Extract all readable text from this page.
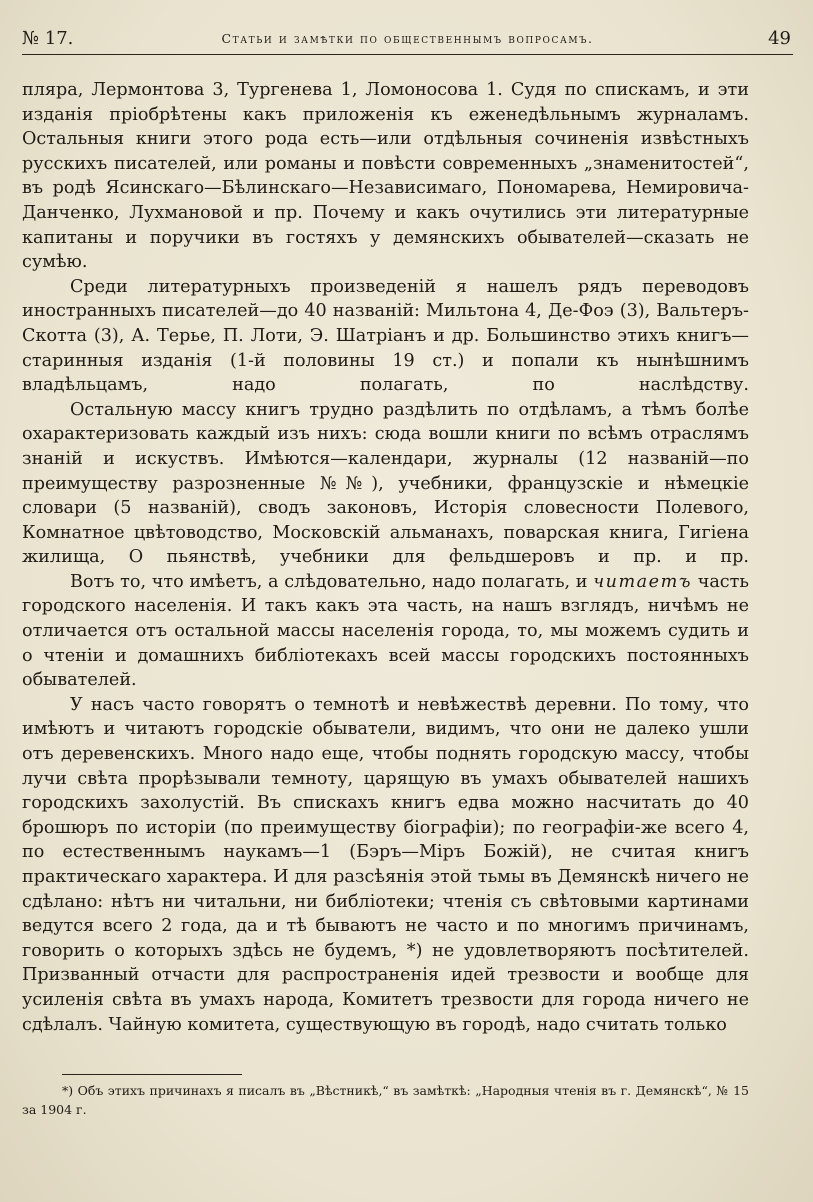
№ 17.	Статьи и замѣтки по общественнымъ вопросамъ.	49

пляра, Лермонтова 3, Тургенева 1, Ломоносова 1. Судя по спискамъ, и эти изданія пріобрѣтены какъ приложенія къ еженедѣльнымъ журналамъ. Остальныя книги этого рода есть—или отдѣльныя сочиненія извѣстныхъ русскихъ писателей, или романы и повѣсти современныхъ „знаменитостей“, въ родѣ Ясинскаго—Бѣлинскаго—Независимаго, Пономарева, Немировича-Данченко, Лухмановой и пр. Почему и какъ очутились эти литературные капитаны и поручики въ гостяхъ у демянскихъ обывателей—сказать не сумѣю.

Среди литературныхъ произведеній я нашелъ рядъ переводовъ иностранныхъ писателей—до 40 названій: Мильтона 4, Де-Фоэ (3), Вальтеръ-Скотта (3), А. Терье, П. Лоти, Э. Шатріанъ и др. Большинство этихъ книгъ—старинныя изданія (1-й половины 19 ст.) и попали къ нынѣшнимъ владѣльцамъ, надо полагать, по наслѣдству.

Остальную массу книгъ трудно раздѣлить по отдѣламъ, а тѣмъ болѣе охарактеризовать каждый изъ нихъ: сюда вошли книги по всѣмъ отраслямъ знаній и искуствъ. Имѣются—календари, журналы (12 названій—по преимуществу разрозненные №№), учебники, французскіе и нѣмецкіе словари (5 названій), сводъ законовъ, Исторія словесности Полевого, Комнатное цвѣтоводство, Московскій альманахъ, поварская книга, Гигіена жилища, О пьянствѣ, учебники для фельдшеровъ и пр. и пр.

Вотъ то, что имѣетъ, а слѣдовательно, надо полагать, и читаетъ часть городского населенія. И такъ какъ эта часть, на нашъ взглядъ, ничѣмъ не отличается отъ остальной массы населенія города, то, мы можемъ судить и о чтеніи и домашнихъ библіотекахъ всей массы городскихъ постоянныхъ обывателей.

У насъ часто говорятъ о темнотѣ и невѣжествѣ деревни. По тому, что имѣютъ и читаютъ городскіе обыватели, видимъ, что они не далеко ушли отъ деревенскихъ. Много надо еще, чтобы поднять городскую массу, чтобы лучи свѣта прорѣзывали темноту, царящую въ умахъ обывателей нашихъ городскихъ захолустій. Въ спискахъ книгъ едва можно насчитать до 40 брошюръ по исторіи (по преимуществу біографіи); по географіи-же всего 4, по естественнымъ наукамъ—1 (Бэръ—Міръ Божій), не считая книгъ практическаго характера. И для разсѣянія этой тьмы въ Демянскѣ ничего не сдѣлано: нѣтъ ни читальни, ни библіотеки; чтенія съ свѣтовыми картинами ведутся всего 2 года, да и тѣ бываютъ не часто и по многимъ причинамъ, говорить о которыхъ здѣсь не будемъ, *) не удовлетворяютъ посѣтителей. Призванный отчасти для распространенія идей трезвости и вообще для усиленія свѣта въ умахъ народа, Комитетъ трезвости для города ничего не сдѣлалъ. Чайную комитета, существующую въ городѣ, надо считать только

*) Объ этихъ причинахъ я писалъ въ „Вѣстникѣ,“ въ замѣткѣ: „Народныя чтенія въ г. Демянскѣ“, № 15 за 1904 г.
